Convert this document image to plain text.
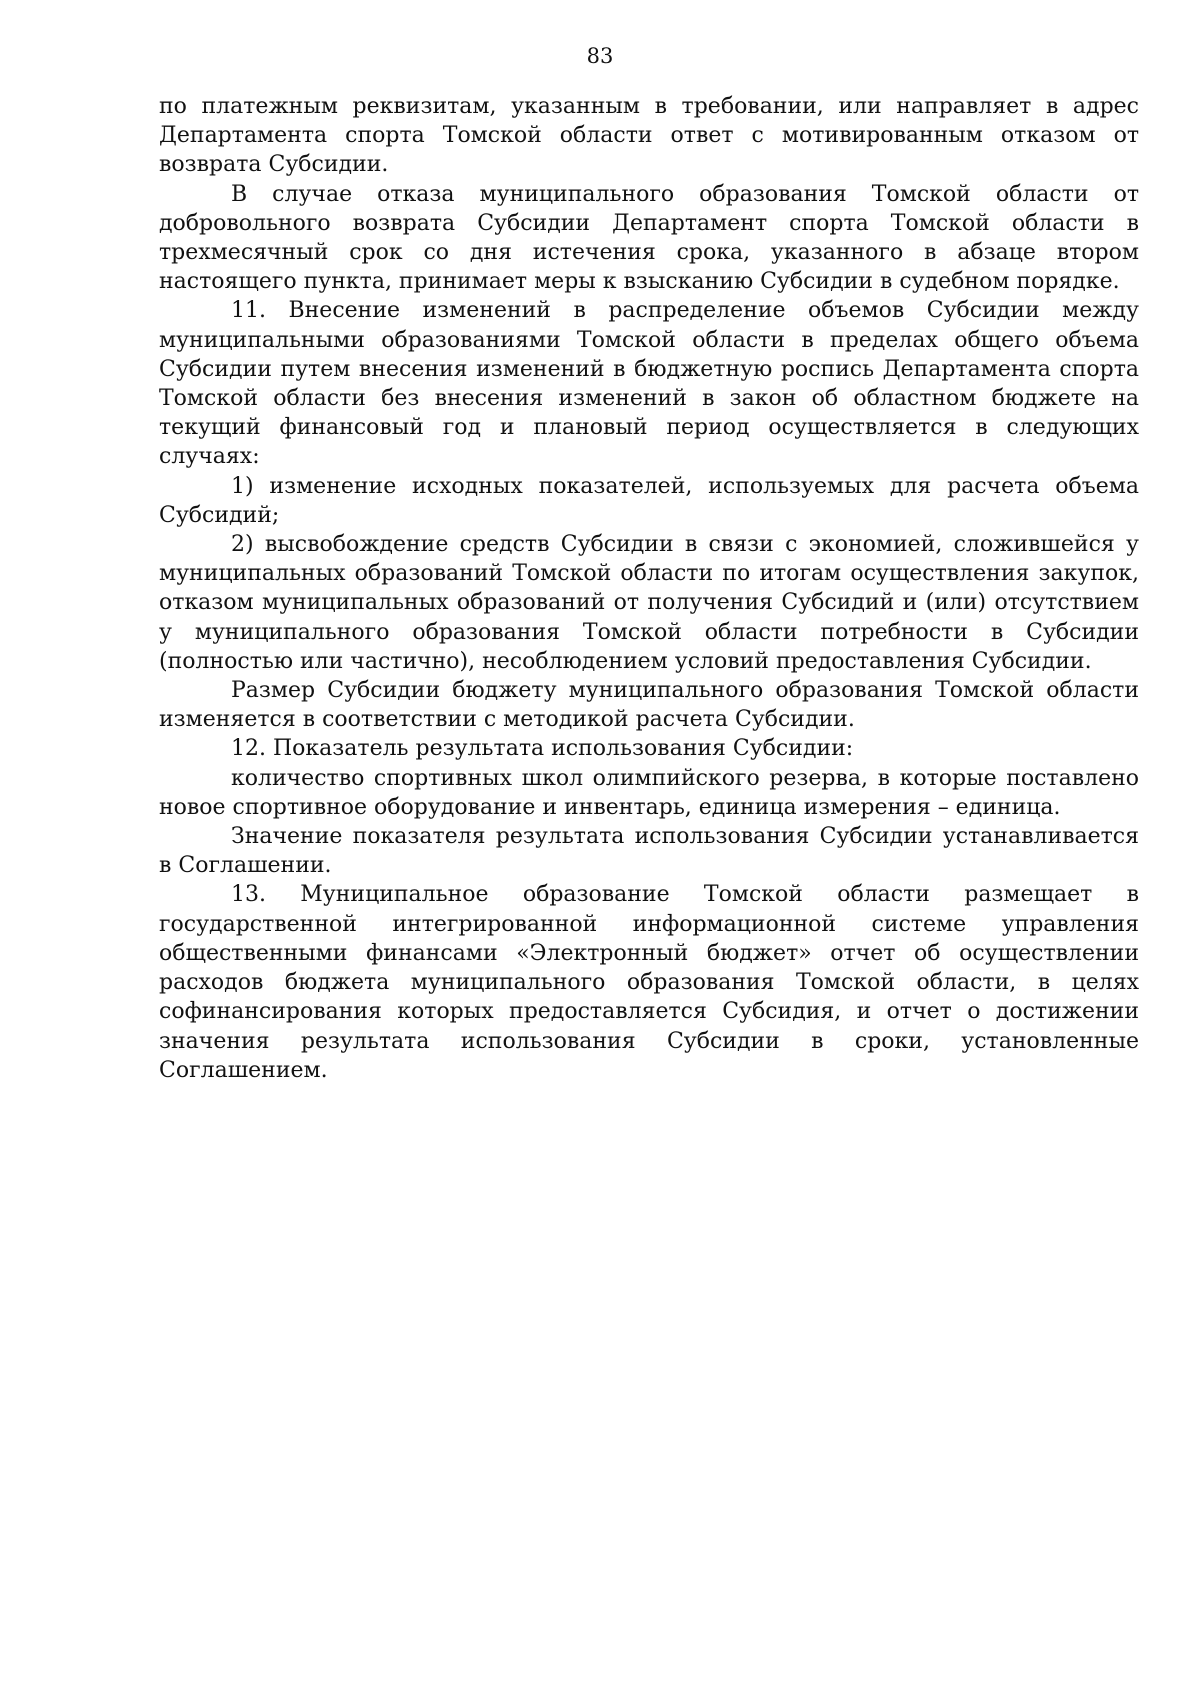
83

по платежным реквизитам, указанным в требовании, или направляет в адрес Департамента спорта Томской области ответ с мотивированным отказом от возврата Субсидии.

В случае отказа муниципального образования Томской области от добровольного возврата Субсидии Департамент спорта Томской области в трехмесячный срок со дня истечения срока, указанного в абзаце втором настоящего пункта, принимает меры к взысканию Субсидии в судебном порядке.

11. Внесение изменений в распределение объемов Субсидии между муниципальными образованиями Томской области в пределах общего объема Субсидии путем внесения изменений в бюджетную роспись Департамента спорта Томской области без внесения изменений в закон об областном бюджете на текущий финансовый год и плановый период осуществляется в следующих случаях:

1) изменение исходных показателей, используемых для расчета объема Субсидий;

2) высвобождение средств Субсидии в связи с экономией, сложившейся у муниципальных образований Томской области по итогам осуществления закупок, отказом муниципальных образований от получения Субсидий и (или) отсутствием у муниципального образования Томской области потребности в Субсидии (полностью или частично), несоблюдением условий предоставления Субсидии.

Размер Субсидии бюджету муниципального образования Томской области изменяется в соответствии с методикой расчета Субсидии.

12. Показатель результата использования Субсидии:

количество спортивных школ олимпийского резерва, в которые поставлено новое спортивное оборудование и инвентарь, единица измерения – единица.

Значение показателя результата использования Субсидии устанавливается в Соглашении.

13. Муниципальное образование Томской области размещает в государственной интегрированной информационной системе управления общественными финансами «Электронный бюджет» отчет об осуществлении расходов бюджета муниципального образования Томской области, в целях софинансирования которых предоставляется Субсидия, и отчет о достижении значения результата использования Субсидии в сроки, установленные Соглашением.
